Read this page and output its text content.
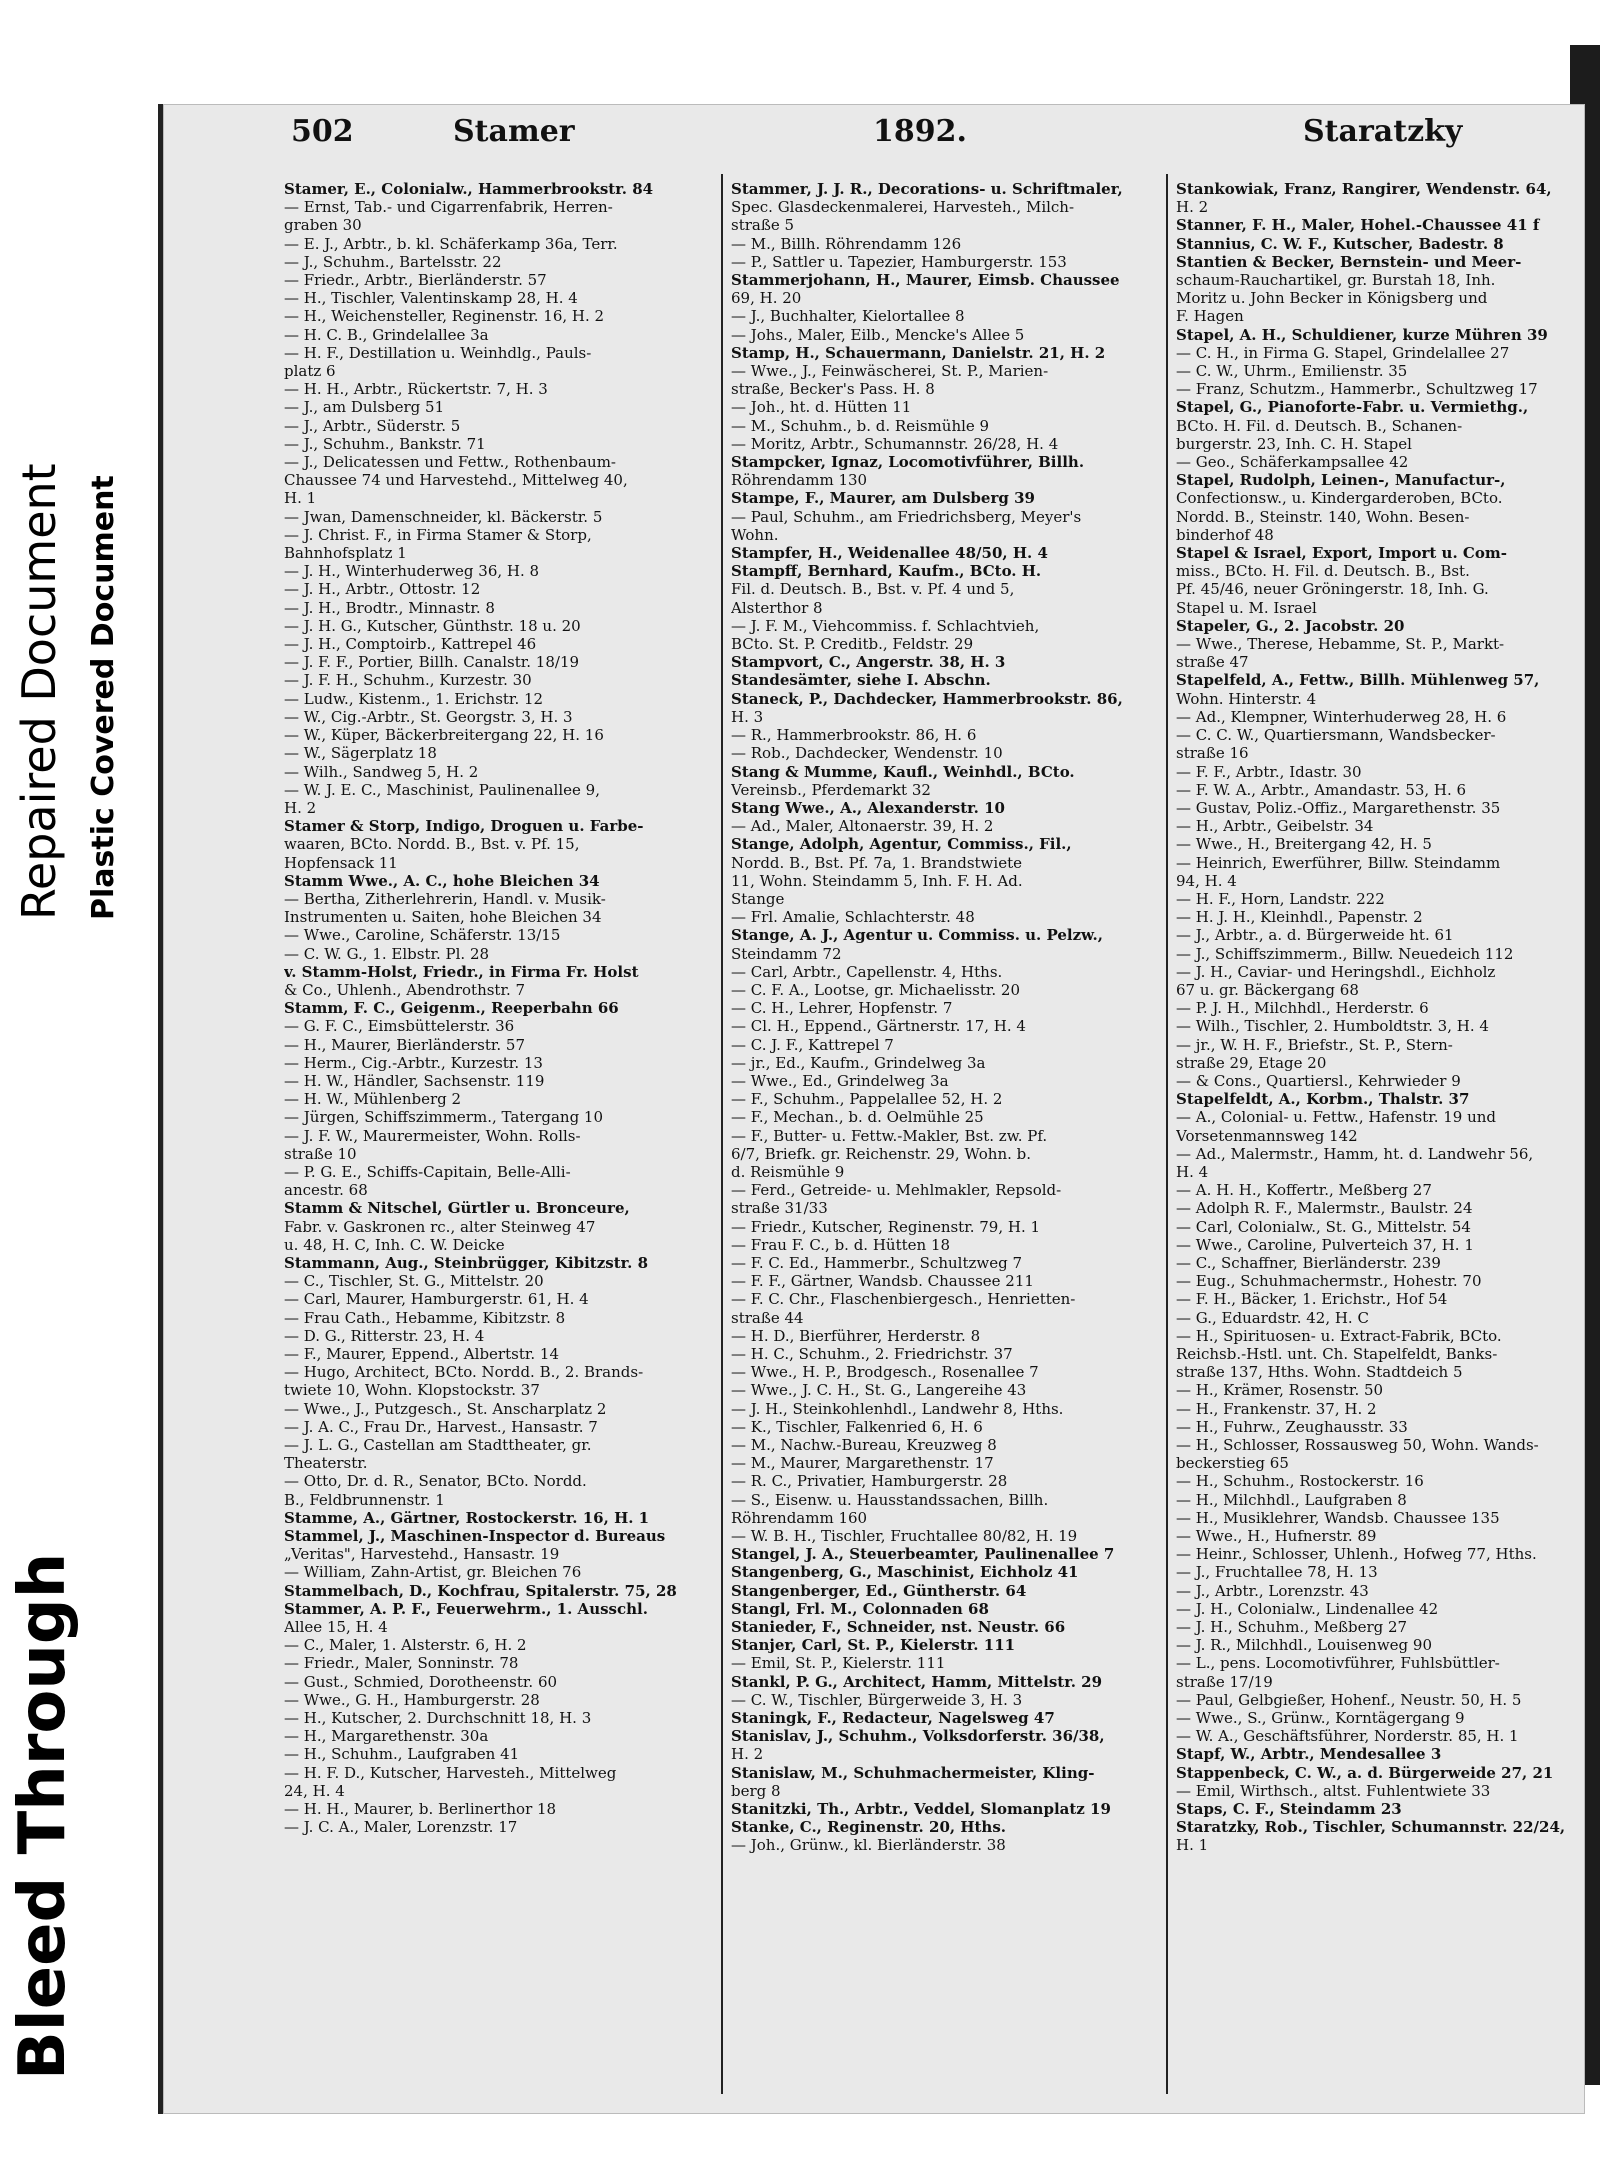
Bleed Through
Repaired Document Plastic Covered Document
502	Stamer	1892.	Staratzky
Stamer, E., Colonialw., Hammerbrookstr. 84
— Ernst, Tab.- und Cigarrenfabrik, Herren-
graben 30
— E. J., Arbtr., b. kl. Schäferkamp 36a, Terr.
— J., Schuhm., Bartelsstr. 22
— Friedr., Arbtr., Bierländerstr. 57
— H., Tischler, Valentinskamp 28, H. 4
— H., Weichensteller, Reginenstr. 16, H. 2
— H. C. B., Grindelallee 3a
— H. F., Destillation u. Weinhdlg., Pauls-
platz 6
— H. H., Arbtr., Rückertstr. 7, H. 3
— J., am Dulsberg 51
— J., Arbtr., Süderstr. 5
— J., Schuhm., Bankstr. 71
— J., Delicatessen und Fettw., Rothenbaum-
Chaussee 74 und Harvestehd., Mittelweg 40,
H. 1
— Jwan, Damenschneider, kl. Bäckerstr. 5
— J. Christ. F., in Firma Stamer & Storp,
Bahnhofsplatz 1
— J. H., Winterhuderweg 36, H. 8
— J. H., Arbtr., Ottostr. 12
— J. H., Brodtr., Minnastr. 8
— J. H. G., Kutscher, Günthstr. 18 u. 20
— J. H., Comptoirb., Kattrepel 46
— J. F. F., Portier, Billh. Canalstr. 18/19
— J. F. H., Schuhm., Kurzestr. 30
— Ludw., Kistenm., 1. Erichstr. 12
— W., Cig.-Arbtr., St. Georgstr. 3, H. 3
— W., Küper, Bäckerbreitergang 22, H. 16
— W., Sägerplatz 18
— Wilh., Sandweg 5, H. 2
— W. J. E. C., Maschinist, Paulinenallee 9,
H. 2
Stamer & Storp, Indigo, Droguen u. Farbe-
waaren, BCto. Nordd. B., Bst. v. Pf. 15,
Hopfensack 11
Stamm Wwe., A. C., hohe Bleichen 34
— Bertha, Zitherlehrerin, Handl. v. Musik-
Instrumenten u. Saiten, hohe Bleichen 34
— Wwe., Caroline, Schäferstr. 13/15
— C. W. G., 1. Elbstr. Pl. 28
v. Stamm-Holst, Friedr., in Firma Fr. Holst
& Co., Uhlenh., Abendrothstr. 7
Stamm, F. C., Geigenm., Reeperbahn 66
— G. F. C., Eimsbüttelerstr. 36
— H., Maurer, Bierländerstr. 57
— Herm., Cig.-Arbtr., Kurzestr. 13
— H. W., Händler, Sachsenstr. 119
— H. W., Mühlenberg 2
— Jürgen, Schiffszimmerm., Tatergang 10
— J. F. W., Maurermeister, Wohn. Rolls-
straße 10
— P. G. E., Schiffs-Capitain, Belle-Alli-
ancestr. 68
Stamm & Nitschel, Gürtler u. Bronceure,
Fabr. v. Gaskronen rc., alter Steinweg 47
u. 48, H. C, Inh. C. W. Deicke
Stammann, Aug., Steinbrügger, Kibitzstr. 8
— C., Tischler, St. G., Mittelstr. 20
— Carl, Maurer, Hamburgerstr. 61, H. 4
— Frau Cath., Hebamme, Kibitzstr. 8
— D. G., Ritterstr. 23, H. 4
— F., Maurer, Eppend., Albertstr. 14
— Hugo, Architect, BCto. Nordd. B., 2. Brands-
twiete 10, Wohn. Klopstockstr. 37
— Wwe., J., Putzgesch., St. Anscharplatz 2
— J. A. C., Frau Dr., Harvest., Hansastr. 7
— J. L. G., Castellan am Stadttheater, gr.
Theaterstr.
— Otto, Dr. d. R., Senator, BCto. Nordd.
B., Feldbrunnenstr. 1
Stamme, A., Gärtner, Rostockerstr. 16, H. 1
Stammel, J., Maschinen-Inspector d. Bureaus
„Veritas", Harvestehd., Hansastr. 19
— William, Zahn-Artist, gr. Bleichen 76
Stammelbach, D., Kochfrau, Spitalerstr. 75, 28
Stammer, A. P. F., Feuerwehrm., 1. Ausschl.
Allee 15, H. 4
— C., Maler, 1. Alsterstr. 6, H. 2
— Friedr., Maler, Sonninstr. 78
— Gust., Schmied, Dorotheenstr. 60
— Wwe., G. H., Hamburgerstr. 28
— H., Kutscher, 2. Durchschnitt 18, H. 3
— H., Margarethenstr. 30a
— H., Schuhm., Laufgraben 41
— H. F. D., Kutscher, Harvesteh., Mittelweg
24, H. 4
— H. H., Maurer, b. Berlinerthor 18
— J. C. A., Maler, Lorenzstr. 17
Stammer, J. J. R., Decorations- u. Schriftmaler,
Spec. Glasdeckenmalerei, Harvesteh., Milch-
straße 5
— M., Billh. Röhrendamm 126
— P., Sattler u. Tapezier, Hamburgerstr. 153
Stammerjohann, H., Maurer, Eimsb. Chaussee
69, H. 20
— J., Buchhalter, Kielortallee 8
— Johs., Maler, Eilb., Mencke's Allee 5
Stamp, H., Schauermann, Danielstr. 21, H. 2
— Wwe., J., Feinwäscherei, St. P., Marien-
straße, Becker's Pass. H. 8
— Joh., ht. d. Hütten 11
— M., Schuhm., b. d. Reismühle 9
— Moritz, Arbtr., Schumannstr. 26/28, H. 4
Stampcker, Ignaz, Locomotivführer, Billh.
Röhrendamm 130
Stampe, F., Maurer, am Dulsberg 39
— Paul, Schuhm., am Friedrichsberg, Meyer's
Wohn.
Stampfer, H., Weidenallee 48/50, H. 4
Stampff, Bernhard, Kaufm., BCto. H.
Fil. d. Deutsch. B., Bst. v. Pf. 4 und 5,
Alsterthor 8
— J. F. M., Viehcommiss. f. Schlachtvieh,
BCto. St. P. Creditb., Feldstr. 29
Stampvort, C., Angerstr. 38, H. 3
Standesämter, siehe I. Abschn.
Staneck, P., Dachdecker, Hammerbrookstr. 86,
H. 3
— R., Hammerbrookstr. 86, H. 6
— Rob., Dachdecker, Wendenstr. 10
Stang & Mumme, Kaufl., Weinhdl., BCto.
Vereinsb., Pferdemarkt 32
Stang Wwe., A., Alexanderstr. 10
— Ad., Maler, Altonaerstr. 39, H. 2
Stange, Adolph, Agentur, Commiss., Fil.,
Nordd. B., Bst. Pf. 7a, 1. Brandstwiete
11, Wohn. Steindamm 5, Inh. F. H. Ad.
Stange
— Frl. Amalie, Schlachterstr. 48
Stange, A. J., Agentur u. Commiss. u. Pelzw.,
Steindamm 72
— Carl, Arbtr., Capellenstr. 4, Hths.
— C. F. A., Lootse, gr. Michaelisstr. 20
— C. H., Lehrer, Hopfenstr. 7
— Cl. H., Eppend., Gärtnerstr. 17, H. 4
— C. J. F., Kattrepel 7
— jr., Ed., Kaufm., Grindelweg 3a
— Wwe., Ed., Grindelweg 3a
— F., Schuhm., Pappelallee 52, H. 2
— F., Mechan., b. d. Oelmühle 25
— F., Butter- u. Fettw.-Makler, Bst. zw. Pf.
6/7, Briefk. gr. Reichenstr. 29, Wohn. b.
d. Reismühle 9
— Ferd., Getreide- u. Mehlmakler, Repsold-
straße 31/33
— Friedr., Kutscher, Reginenstr. 79, H. 1
— Frau F. C., b. d. Hütten 18
— F. C. Ed., Hammerbr., Schultzweg 7
— F. F., Gärtner, Wandsb. Chaussee 211
— F. C. Chr., Flaschenbiergesch., Henrietten-
straße 44
— H. D., Bierführer, Herderstr. 8
— H. C., Schuhm., 2. Friedrichstr. 37
— Wwe., H. P., Brodgesch., Rosenallee 7
— Wwe., J. C. H., St. G., Langereihe 43
— J. H., Steinkohlenhdl., Landwehr 8, Hths.
— K., Tischler, Falkenried 6, H. 6
— M., Nachw.-Bureau, Kreuzweg 8
— M., Maurer, Margarethenstr. 17
— R. C., Privatier, Hamburgerstr. 28
— S., Eisenw. u. Hausstandssachen, Billh.
Röhrendamm 160
— W. B. H., Tischler, Fruchtallee 80/82, H. 19
Stangel, J. A., Steuerbeamter, Paulinenallee 7
Stangenberg, G., Maschinist, Eichholz 41
Stangenberger, Ed., Güntherstr. 64
Stangl, Frl. M., Colonnaden 68
Stanieder, F., Schneider, nst. Neustr. 66
Stanjer, Carl, St. P., Kielerstr. 111
— Emil, St. P., Kielerstr. 111
Stankl, P. G., Architect, Hamm, Mittelstr. 29
— C. W., Tischler, Bürgerweide 3, H. 3
Staningk, F., Redacteur, Nagelsweg 47
Stanislav, J., Schuhm., Volksdorferstr. 36/38,
H. 2
Stanislaw, M., Schuhmachermeister, Kling-
berg 8
Stanitzki, Th., Arbtr., Veddel, Slomanplatz 19
Stanke, C., Reginenstr. 20, Hths.
— Joh., Grünw., kl. Bierländerstr. 38
Stankowiak, Franz, Rangirer, Wendenstr. 64,
H. 2
Stanner, F. H., Maler, Hohel.-Chaussee 41 f
Stannius, C. W. F., Kutscher, Badestr. 8
Stantien & Becker, Bernstein- und Meer-
schaum-Rauchartikel, gr. Burstah 18, Inh.
Moritz u. John Becker in Königsberg und
F. Hagen
Stapel, A. H., Schuldiener, kurze Mühren 39
— C. H., in Firma G. Stapel, Grindelallee 27
— C. W., Uhrm., Emilienstr. 35
— Franz, Schutzm., Hammerbr., Schultzweg 17
Stapel, G., Pianoforte-Fabr. u. Vermiethg.,
BCto. H. Fil. d. Deutsch. B., Schanen-
burgerstr. 23, Inh. C. H. Stapel
— Geo., Schäferkampsallee 42
Stapel, Rudolph, Leinen-, Manufactur-,
Confectionsw., u. Kindergarderoben, BCto.
Nordd. B., Steinstr. 140, Wohn. Besen-
binderhof 48
Stapel & Israel, Export, Import u. Com-
miss., BCto. H. Fil. d. Deutsch. B., Bst.
Pf. 45/46, neuer Gröningerstr. 18, Inh. G.
Stapel u. M. Israel
Stapeler, G., 2. Jacobstr. 20
— Wwe., Therese, Hebamme, St. P., Markt-
straße 47
Stapelfeld, A., Fettw., Billh. Mühlenweg 57,
Wohn. Hinterstr. 4
— Ad., Klempner, Winterhuderweg 28, H. 6
— C. C. W., Quartiersmann, Wandsbecker-
straße 16
— F. F., Arbtr., Idastr. 30
— F. W. A., Arbtr., Amandastr. 53, H. 6
— Gustav, Poliz.-Offiz., Margarethenstr. 35
— H., Arbtr., Geibelstr. 34
— Wwe., H., Breitergang 42, H. 5
— Heinrich, Ewerführer, Billw. Steindamm
94, H. 4
— H. F., Horn, Landstr. 222
— H. J. H., Kleinhdl., Papenstr. 2
— J., Arbtr., a. d. Bürgerweide ht. 61
— J., Schiffszimmerm., Billw. Neuedeich 112
— J. H., Caviar- und Heringshdl., Eichholz
67 u. gr. Bäckergang 68
— P. J. H., Milchhdl., Herderstr. 6
— Wilh., Tischler, 2. Humboldtstr. 3, H. 4
— jr., W. H. F., Briefstr., St. P., Stern-
straße 29, Etage 20
— & Cons., Quartiersl., Kehrwieder 9
Stapelfeldt, A., Korbm., Thalstr. 37
— A., Colonial- u. Fettw., Hafenstr. 19 und
Vorsetenmannsweg 142
— Ad., Malermstr., Hamm, ht. d. Landwehr 56,
H. 4
— A. H. H., Koffertr., Meßberg 27
— Adolph R. F., Malermstr., Baulstr. 24
— Carl, Colonialw., St. G., Mittelstr. 54
— Wwe., Caroline, Pulverteich 37, H. 1
— C., Schaffner, Bierländerstr. 239
— Eug., Schuhmachermstr., Hohestr. 70
— F. H., Bäcker, 1. Erichstr., Hof 54
— G., Eduardstr. 42, H. C
— H., Spirituosen- u. Extract-Fabrik, BCto.
Reichsb.-Hstl. unt. Ch. Stapelfeldt, Banks-
straße 137, Hths. Wohn. Stadtdeich 5
— H., Krämer, Rosenstr. 50
— H., Frankenstr. 37, H. 2
— H., Fuhrw., Zeughausstr. 33
— H., Schlosser, Rossausweg 50, Wohn. Wands-
beckerstieg 65
— H., Schuhm., Rostockerstr. 16
— H., Milchhdl., Laufgraben 8
— H., Musiklehrer, Wandsb. Chaussee 135
— Wwe., H., Hufnerstr. 89
— Heinr., Schlosser, Uhlenh., Hofweg 77, Hths.
— J., Fruchtallee 78, H. 13
— J., Arbtr., Lorenzstr. 43
— J. H., Colonialw., Lindenallee 42
— J. H., Schuhm., Meßberg 27
— J. R., Milchhdl., Louisenweg 90
— L., pens. Locomotivführer, Fuhlsbüttler-
straße 17/19
— Paul, Gelbgießer, Hohenf., Neustr. 50, H. 5
— Wwe., S., Grünw., Korntägergang 9
— W. A., Geschäftsführer, Norderstr. 85, H. 1
Stapf, W., Arbtr., Mendesallee 3
Stappenbeck, C. W., a. d. Bürgerweide 27, 21
— Emil, Wirthsch., altst. Fuhlentwiete 33
Staps, C. F., Steindamm 23
Staratzky, Rob., Tischler, Schumannstr. 22/24,
H. 1
